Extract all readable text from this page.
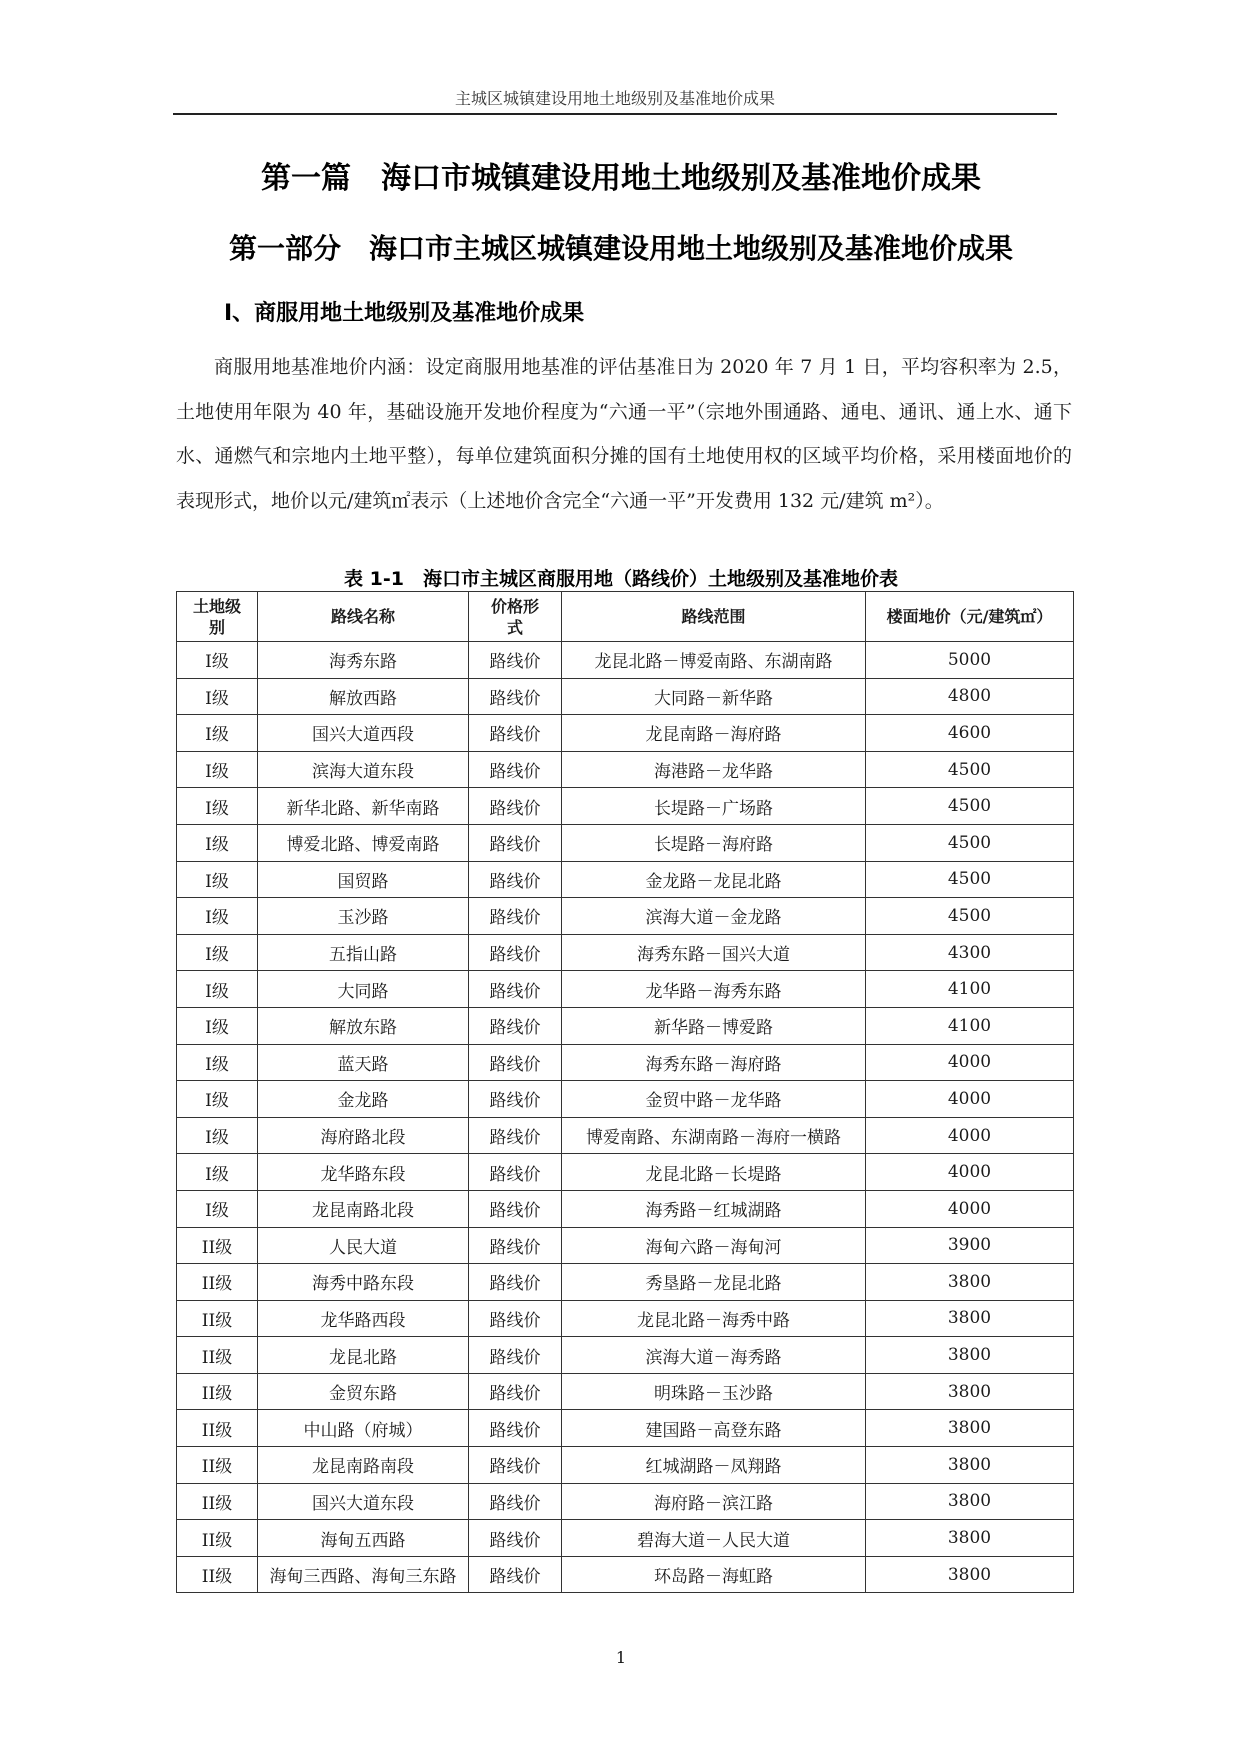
主城区城镇建设用地土地级别及基准地价成果
第一篇　海口市城镇建设用地土地级别及基准地价成果
第一部分　海口市主城区城镇建设用地土地级别及基准地价成果
I、商服用地土地级别及基准地价成果

商服用地基准地价内涵：设定商服用地基准的评估基准日为 2020 年 7 月 1 日，平均容积率为 2.5，土地使用年限为 40 年，基础设施开发地价程度为“六通一平”（宗地外围通路、通电、通讯、通上水、通下水、通燃气和宗地内土地平整），每单位建筑面积分摊的国有土地使用权的区域平均价格，采用楼面地价的表现形式，地价以元/建筑㎡表示（上述地价含完全“六通一平”开发费用 132 元/建筑 m²）。

表 1-1　海口市主城区商服用地（路线价）土地级别及基准地价表
土地级别	路线名称	价格形式	路线范围	楼面地价（元/建筑㎡）
I级	海秀东路	路线价	龙昆北路－博爱南路、东湖南路	5000
I级	解放西路	路线价	大同路－新华路	4800
I级	国兴大道西段	路线价	龙昆南路－海府路	4600
I级	滨海大道东段	路线价	海港路－龙华路	4500
I级	新华北路、新华南路	路线价	长堤路－广场路	4500
I级	博爱北路、博爱南路	路线价	长堤路－海府路	4500
I级	国贸路	路线价	金龙路－龙昆北路	4500
I级	玉沙路	路线价	滨海大道－金龙路	4500
I级	五指山路	路线价	海秀东路－国兴大道	4300
I级	大同路	路线价	龙华路－海秀东路	4100
I级	解放东路	路线价	新华路－博爱路	4100
I级	蓝天路	路线价	海秀东路－海府路	4000
I级	金龙路	路线价	金贸中路－龙华路	4000
I级	海府路北段	路线价	博爱南路、东湖南路－海府一横路	4000
I级	龙华路东段	路线价	龙昆北路－长堤路	4000
I级	龙昆南路北段	路线价	海秀路－红城湖路	4000
II级	人民大道	路线价	海甸六路－海甸河	3900
II级	海秀中路东段	路线价	秀垦路－龙昆北路	3800
II级	龙华路西段	路线价	龙昆北路－海秀中路	3800
II级	龙昆北路	路线价	滨海大道－海秀路	3800
II级	金贸东路	路线价	明珠路－玉沙路	3800
II级	中山路（府城）	路线价	建国路－高登东路	3800
II级	龙昆南路南段	路线价	红城湖路－凤翔路	3800
II级	国兴大道东段	路线价	海府路－滨江路	3800
II级	海甸五西路	路线价	碧海大道－人民大道	3800
II级	海甸三西路、海甸三东路	路线价	环岛路－海虹路	3800
1
